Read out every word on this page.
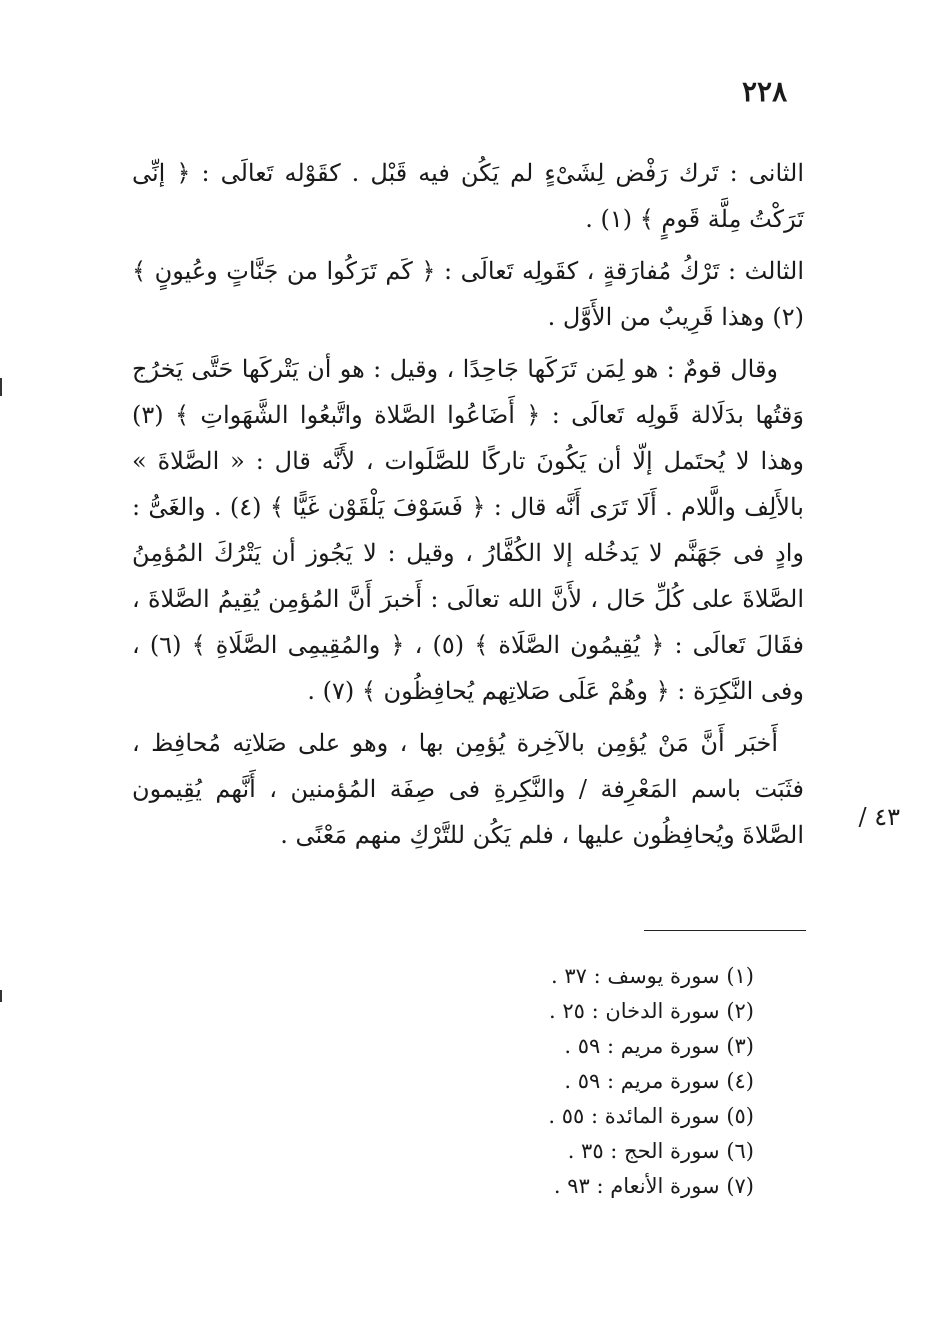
٢٢٨

الثانى : تَرك رَفْض لِشَىْءٍ لم يَكُن فيه قَبْل . كقَوْله تَعالَى : ﴿ إنِّى تَرَكْتُ مِلَّة قَومٍ ﴾ (١) .

الثالث : تَرْكُ مُفارَقةٍ ، كقَولِه تَعالَى : ﴿ كَم تَرَكُوا من جَنَّاتٍ وعُيونٍ ﴾ (٢) وهذا قَرِيبٌ من الأَوَّل .

وقال قومٌ : هو لِمَن تَرَكَها جَاحِدًا ، وقيل : هو أن يَتْركَها حَتَّى يَخرُج وَقتُها بدَلَالة قَولِه تَعالَى : ﴿ أَضَاعُوا الصَّلاة واتَّبعُوا الشَّهَواتِ ﴾ (٣) وهذا لا يُحتَمل إلّا أن يَكُونَ تاركًا للصَّلَوات ، لأَنَّه قال : « الصَّلاةَ » بالأَلِف والَّلام . أَلَا تَرَى أَنَّه قال : ﴿ فَسَوْفَ يَلْقَوْن غَيًّا ﴾ (٤) . والغَىُّ : وادٍ فى جَهَنَّم لا يَدخُله إلا الكُفَّارُ ، وقيل : لا يَجُوز أن يَتْرُكَ المُؤمِنُ الصَّلاةَ على كُلِّ حَال ، لأَنَّ الله تعالَى : أَخبرَ أَنَّ المُؤمِن يُقِيمُ الصَّلاةَ ، فقَالَ تَعالَى : ﴿ يُقِيمُون الصَّلَاة ﴾ (٥) ، ﴿ والمُقِيمِى الصَّلَاةِ ﴾ (٦) ، وفى النَّكِرَة : ﴿ وهُمْ عَلَى صَلاتِهم يُحافِظُون ﴾ (٧) .

أَخبَر أَنَّ مَنْ يُؤمِن بالآخِرة يُؤمِن بها ، وهو على صَلاتِه مُحافِظ ، فثَبَت باسم المَعْرِفة / والنَّكِرةِ فى صِفَة المُؤمنين ، أَنَّهم يُقِيمون الصَّلاةَ ويُحافِظُون عليها ، فلم يَكُن للتَّرْكِ منهم مَعْنًى .

٤٣ /
(١) سورة يوسف : ٣٧ .
(٢) سورة الدخان : ٢٥ .
(٣) سورة مريم : ٥٩ .
(٤) سورة مريم : ٥٩ .
(٥) سورة المائدة : ٥٥ .
(٦) سورة الحج : ٣٥ .
(٧) سورة الأنعام : ٩٣ .
